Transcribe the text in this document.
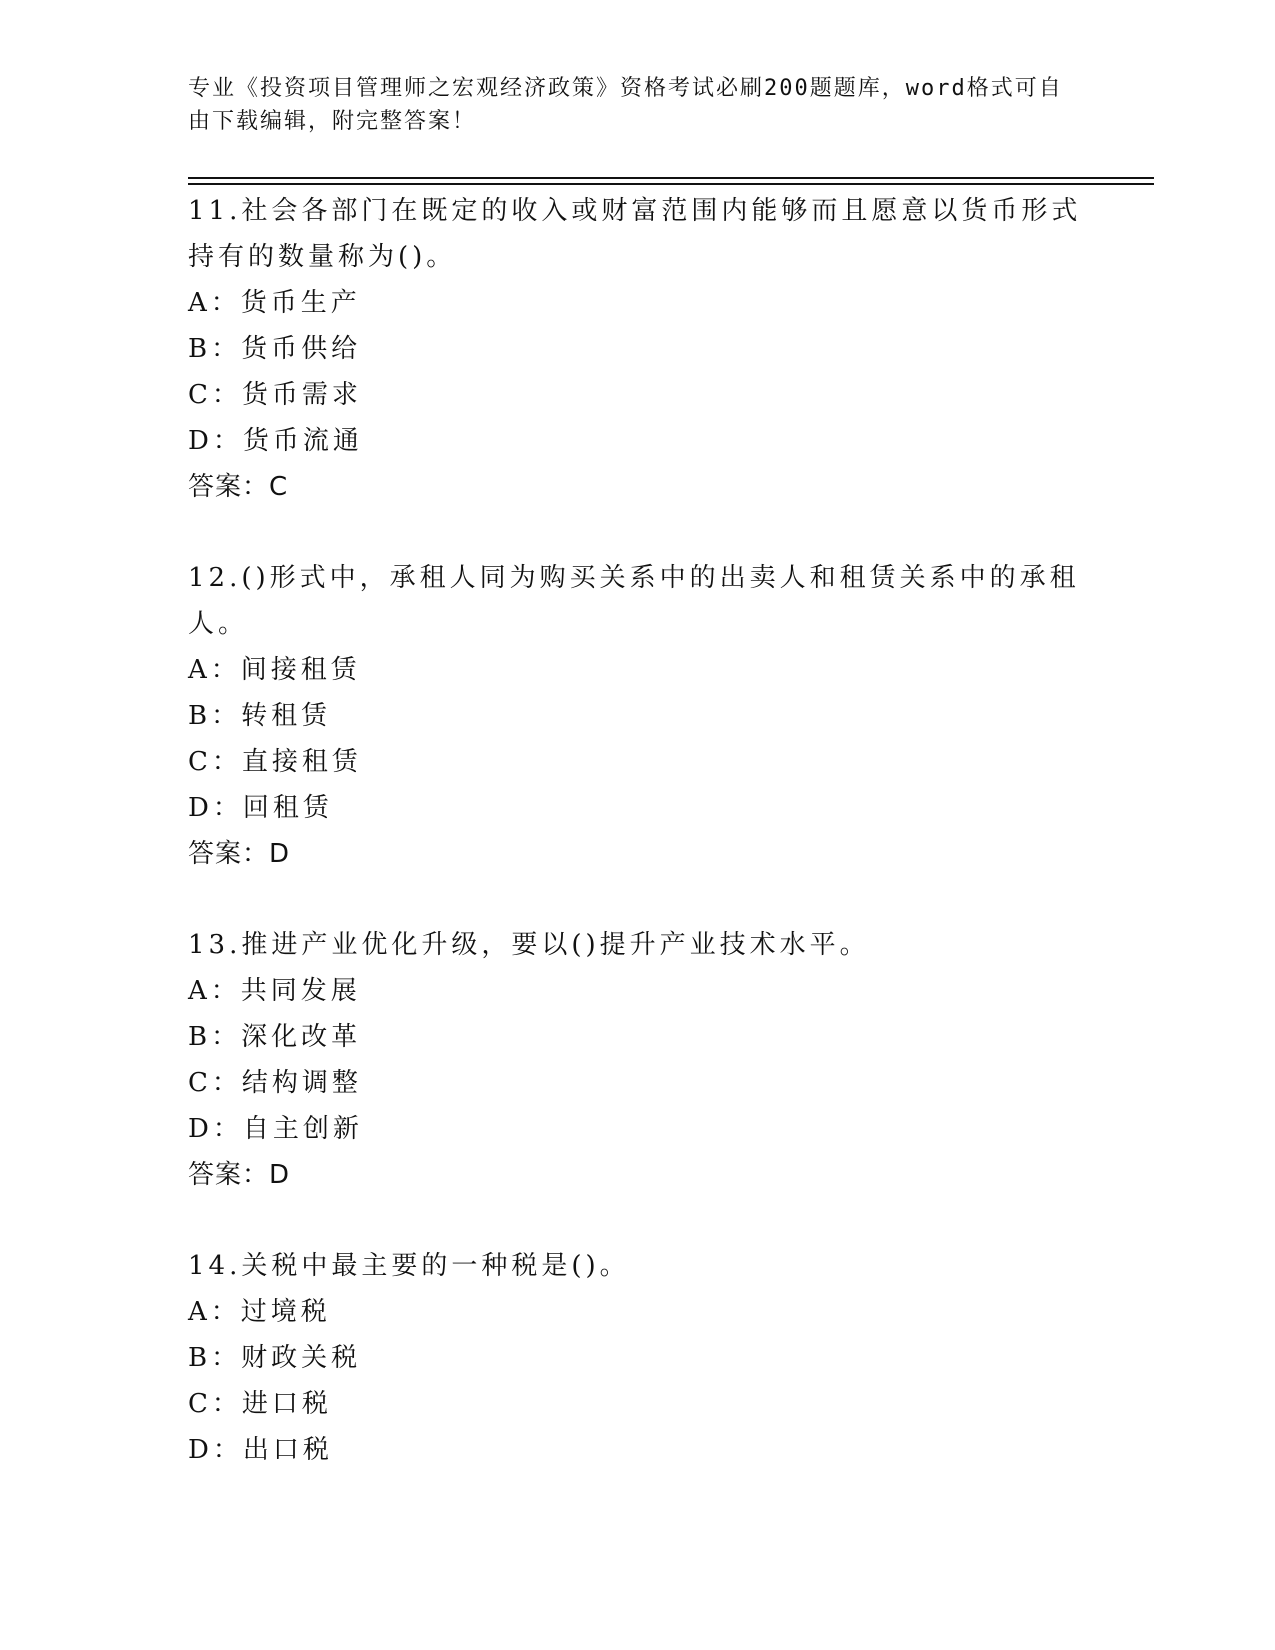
专业《投资项目管理师之宏观经济政策》资格考试必刷200题题库，word格式可自由下载编辑，附完整答案！
11.社会各部门在既定的收入或财富范围内能够而且愿意以货币形式持有的数量称为()。
A：货币生产
B：货币供给
C：货币需求
D：货币流通
答案：C
12.()形式中，承租人同为购买关系中的出卖人和租赁关系中的承租人。
A：间接租赁
B：转租赁
C：直接租赁
D：回租赁
答案：D
13.推进产业优化升级，要以()提升产业技术水平。
A：共同发展
B：深化改革
C：结构调整
D：自主创新
答案：D
14.关税中最主要的一种税是()。
A：过境税
B：财政关税
C：进口税
D：出口税
